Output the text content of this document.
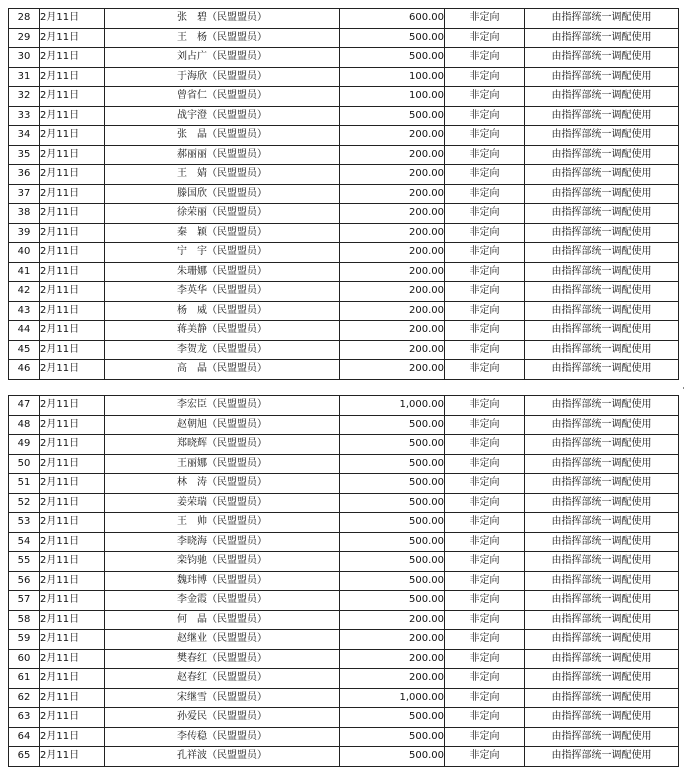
28	2月11日	张　碧（民盟盟员）	600.00	非定向	由指挥部统一调配使用
29	2月11日	王　杨（民盟盟员）	500.00	非定向	由指挥部统一调配使用
30	2月11日	刘占广（民盟盟员）	500.00	非定向	由指挥部统一调配使用
31	2月11日	于海欣（民盟盟员）	100.00	非定向	由指挥部统一调配使用
32	2月11日	曾省仁（民盟盟员）	100.00	非定向	由指挥部统一调配使用
33	2月11日	战宇澄（民盟盟员）	500.00	非定向	由指挥部统一调配使用
34	2月11日	张　晶（民盟盟员）	200.00	非定向	由指挥部统一调配使用
35	2月11日	郝丽丽（民盟盟员）	200.00	非定向	由指挥部统一调配使用
36	2月11日	王　婧（民盟盟员）	200.00	非定向	由指挥部统一调配使用
37	2月11日	滕国欣（民盟盟员）	200.00	非定向	由指挥部统一调配使用
38	2月11日	徐荣丽（民盟盟员）	200.00	非定向	由指挥部统一调配使用
39	2月11日	秦　颖（民盟盟员）	200.00	非定向	由指挥部统一调配使用
40	2月11日	宁　宇（民盟盟员）	200.00	非定向	由指挥部统一调配使用
41	2月11日	朱珊娜（民盟盟员）	200.00	非定向	由指挥部统一调配使用
42	2月11日	李英华（民盟盟员）	200.00	非定向	由指挥部统一调配使用
43	2月11日	杨　威（民盟盟员）	200.00	非定向	由指挥部统一调配使用
44	2月11日	蒋美静（民盟盟员）	200.00	非定向	由指挥部统一调配使用
45	2月11日	李贺龙（民盟盟员）	200.00	非定向	由指挥部统一调配使用
46	2月11日	高　晶（民盟盟员）	200.00	非定向	由指挥部统一调配使用
47	2月11日	李宏臣（民盟盟员）	1,000.00	非定向	由指挥部统一调配使用
48	2月11日	赵朝旭（民盟盟员）	500.00	非定向	由指挥部统一调配使用
49	2月11日	郑晓辉（民盟盟员）	500.00	非定向	由指挥部统一调配使用
50	2月11日	王丽娜（民盟盟员）	500.00	非定向	由指挥部统一调配使用
51	2月11日	林　涛（民盟盟员）	500.00	非定向	由指挥部统一调配使用
52	2月11日	姜荣瑞（民盟盟员）	500.00	非定向	由指挥部统一调配使用
53	2月11日	王　帅（民盟盟员）	500.00	非定向	由指挥部统一调配使用
54	2月11日	李晓海（民盟盟员）	500.00	非定向	由指挥部统一调配使用
55	2月11日	栾钧驰（民盟盟员）	500.00	非定向	由指挥部统一调配使用
56	2月11日	魏玮博（民盟盟员）	500.00	非定向	由指挥部统一调配使用
57	2月11日	李金霞（民盟盟员）	500.00	非定向	由指挥部统一调配使用
58	2月11日	何　晶（民盟盟员）	200.00	非定向	由指挥部统一调配使用
59	2月11日	赵继业（民盟盟员）	200.00	非定向	由指挥部统一调配使用
60	2月11日	樊春红（民盟盟员）	200.00	非定向	由指挥部统一调配使用
61	2月11日	赵春红（民盟盟员）	200.00	非定向	由指挥部统一调配使用
62	2月11日	宋继雪（民盟盟员）	1,000.00	非定向	由指挥部统一调配使用
63	2月11日	孙爱民（民盟盟员）	500.00	非定向	由指挥部统一调配使用
64	2月11日	李传稳（民盟盟员）	500.00	非定向	由指挥部统一调配使用
65	2月11日	孔祥波（民盟盟员）	500.00	非定向	由指挥部统一调配使用
